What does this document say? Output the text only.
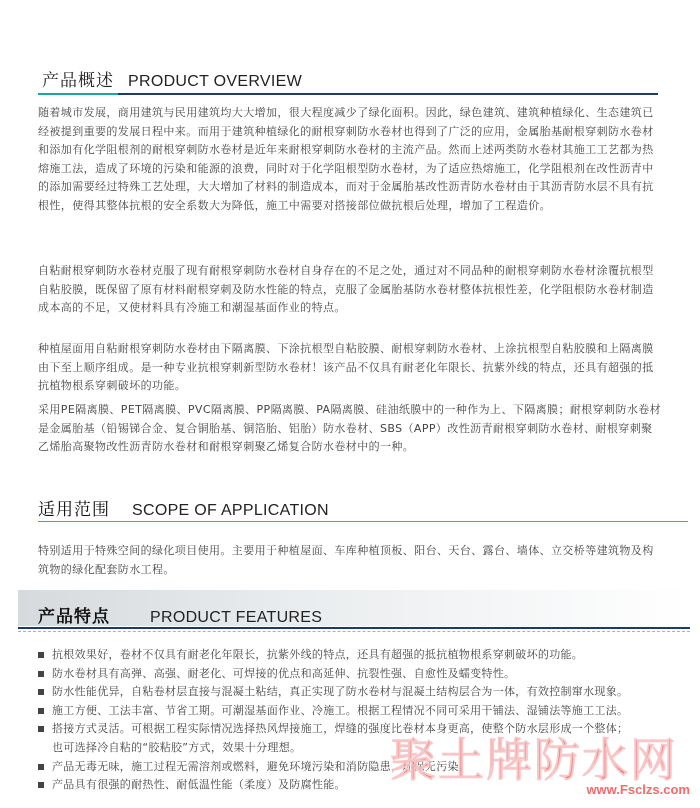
产品概述 PRODUCT OVERVIEW

随着城市发展，商用建筑与民用建筑均大大增加，很大程度减少了绿化面积。因此，绿色建筑、建筑种植绿化、生态建筑已经被提到重要的发展日程中来。而用于建筑种植绿化的耐根穿刺防水卷材也得到了广泛的应用，金属胎基耐根穿刺防水卷材和添加有化学阻根剂的耐根穿刺防水卷材是近年来耐根穿刺防水卷材的主流产品。然而上述两类防水卷材其施工工艺都为热熔施工法，造成了环境的污染和能源的浪费，同时对于化学阻根型防水卷材，为了适应热熔施工，化学阻根剂在改性沥青中的添加需要经过特殊工艺处理，大大增加了材料的制造成本，而对于金属胎基改性沥青防水卷材由于其沥青防水层不具有抗根性，使得其整体抗根的安全系数大为降低，施工中需要对搭接部位做抗根后处理，增加了工程造价。

自粘耐根穿刺防水卷材克服了现有耐根穿刺防水卷材自身存在的不足之处，通过对不同品种的耐根穿刺防水卷材涂覆抗根型自粘胶膜，既保留了原有材料耐根穿刺及防水性能的特点，克服了金属胎基防水卷材整体抗根性差，化学阻根防水卷材制造成本高的不足，又使材料具有冷施工和潮湿基面作业的特点。

种植屋面用自粘耐根穿刺防水卷材由下隔离膜、下涂抗根型自粘胶膜、耐根穿刺防水卷材、上涂抗根型自粘胶膜和上隔离膜由下至上顺序组成。是一种专业抗根穿刺新型防水卷材！该产品不仅具有耐老化年限长、抗紫外线的特点，还具有超强的抵抗植物根系穿刺破坏的功能。

采用PE隔离膜、PET隔离膜、PVC隔离膜、PP隔离膜、PA隔离膜、硅油纸膜中的一种作为上、下隔离膜；耐根穿刺防水卷材是金属胎基（铅锡锑合金、复合铜胎基、铜箔胎、铝胎）防水卷材、SBS（APP）改性沥青耐根穿刺防水卷材、耐根穿刺聚乙烯胎高聚物改性沥青防水卷材和耐根穿刺聚乙烯复合防水卷材中的一种。

适用范围 SCOPE OF APPLICATION

特别适用于特殊空间的绿化项目使用。主要用于种植屋面、车库种植顶板、阳台、天台、露台、墙体、立交桥等建筑物及构筑物的绿化配套防水工程。

产品特点	PRODUCT FEATURES
抗根效果好，卷材不仅具有耐老化年限长，抗紫外线的特点，还具有超强的抵抗植物根系穿刺破坏的功能。
防水卷材具有高弹、高强、耐老化、可焊接的优点和高延伸、抗裂性强、自愈性及蠕变特性。
防水性能优异，自粘卷材层直接与混凝土粘结，真正实现了防水卷材与混凝土结构层合为一体，有效控制窜水现象。
施工方便、工法丰富、节省工期。可潮湿基面作业、冷施工。根据工程情况不同可采用干铺法、湿铺法等施工工法。
搭接方式灵活。可根据工程实际情况选择热风焊接施工，焊缝的强度比卷材本身更高，使整个防水层形成一个整体；
也可选择冷自粘的“胶粘胶”方式，效果十分理想。
产品无毒无味，施工过程无需溶剂或燃料，避免环境污染和消防隐患，环保无污染。
产品具有很强的耐热性、耐低温性能（柔度）及防腐性能。 聚土牌防水网
www.Fsclzs.com
